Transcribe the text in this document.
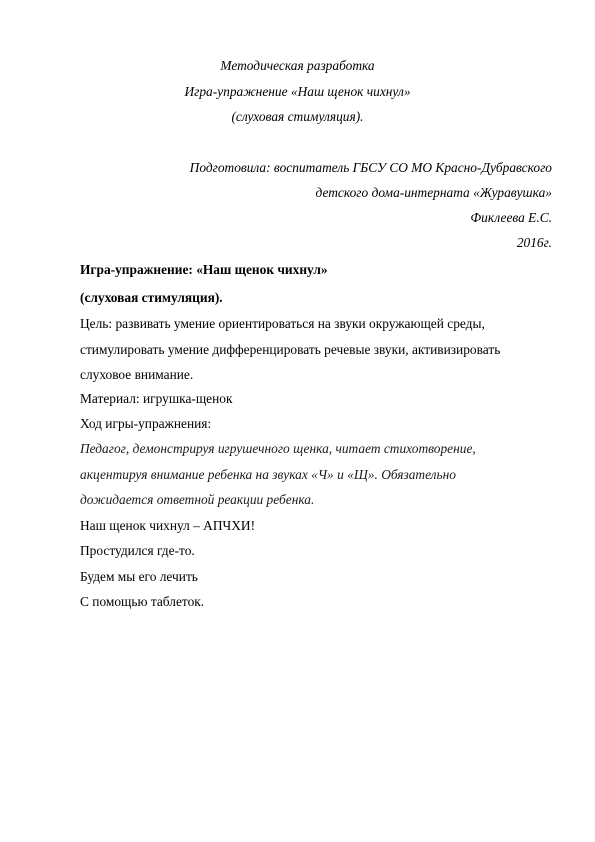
Методическая разработка
Игра-упражнение «Наш щенок чихнул»
(слуховая стимуляция).
Подготовила: воспитатель ГБСУ СО МО Красно-Дубравского
детского дома-интерната «Журавушка»
Фиклеева Е.С.
2016г.
Игра-упражнение: «Наш щенок чихнул»
(слуховая стимуляция).
Цель: развивать умение ориентироваться на звуки окружающей среды,
стимулировать умение дифференцировать речевые звуки, активизировать
слуховое внимание.
Материал: игрушка-щенок
Ход игры-упражнения:
Педагог, демонстрируя игрушечного щенка, читает стихотворение,
акцентируя внимание ребенка на звуках «Ч» и «Щ». Обязательно
дожидается ответной реакции ребенка.
Наш щенок чихнул – АПЧХИ!
Простудился где-то.
Будем мы его лечить
С помощью таблеток.
